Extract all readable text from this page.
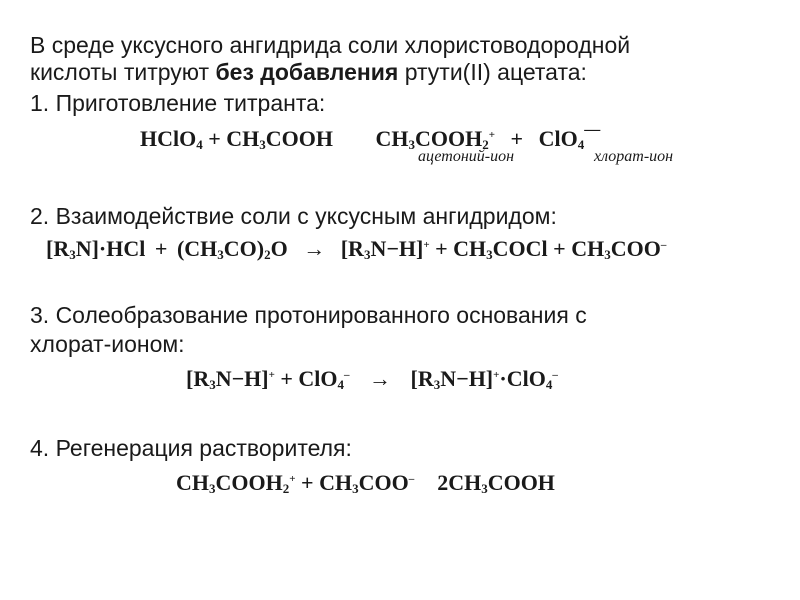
В среде уксусного ангидрида соли хлористоводородной
кислоты титруют без добавления ртути(II) ацетата:
1. Приготовление титранта:
HClO$_4$ + $CH_3COOH$ $CH_3COOH_2^+ + ClO_4^—$
ацетоний-ион	хлорат-ион
2. Взаимодействие соли с уксусным ангидридом:
$[R_3N]\cdot HCl + (CH_3CO)_2O \to [R_3N-H]^+$ + $CH_3COCl + CH_3COO^-$
3. Солеобразование протонированного основания с
хлорат-ионом:
$[R_3N-H]^+ + ClO_4^- \to [R_3N-H]^+\cdot ClO_4^-$
4. Регенерация растворителя:
$CH_3COOH_2^+ + CH_3COO^-$ $2CH_3COOH$
